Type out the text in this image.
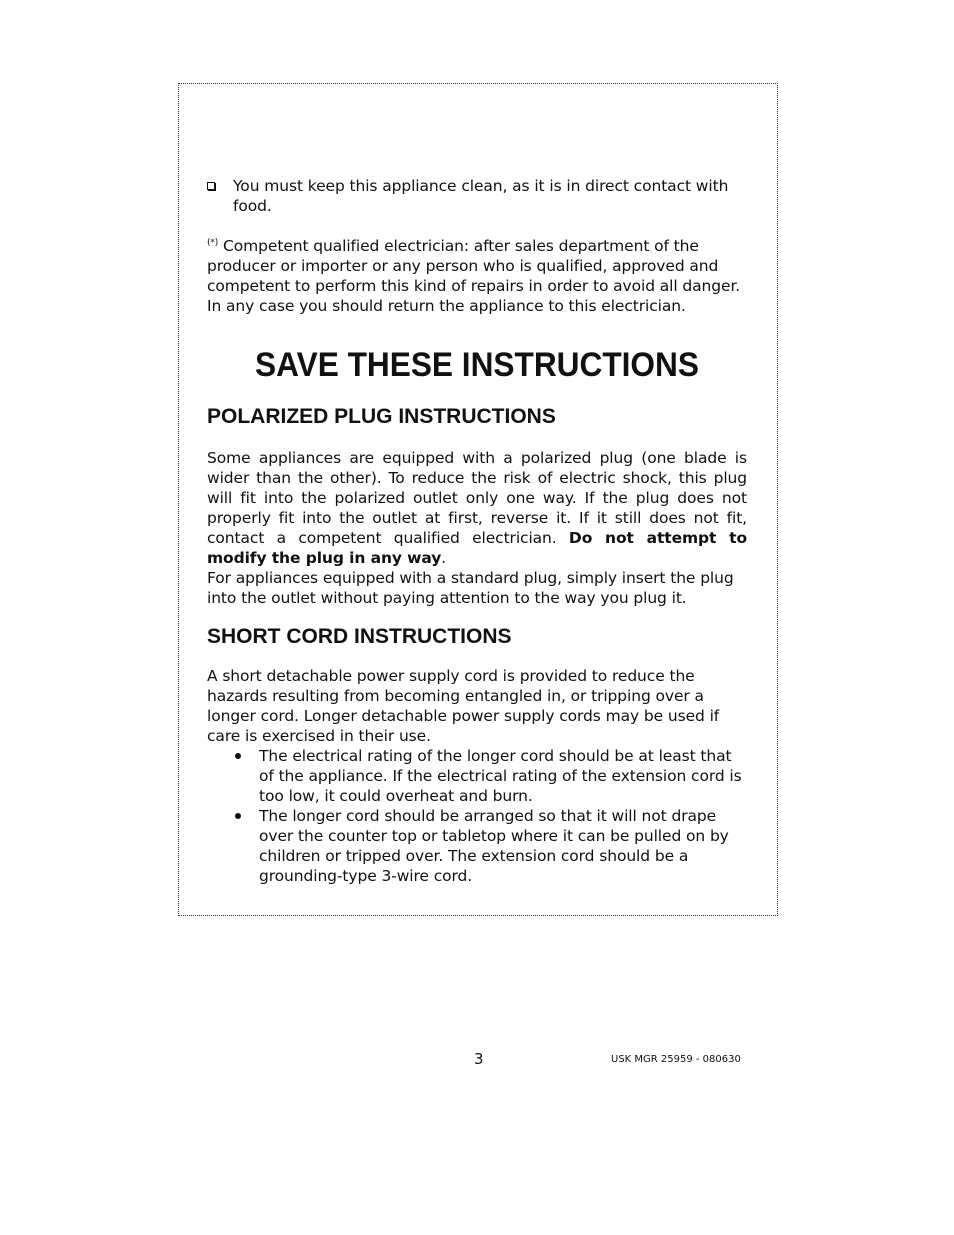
You must keep this appliance clean, as it is in direct contact with food.
(*) Competent qualified electrician: after sales department of the producer or importer or any person who is qualified, approved and competent to perform this kind of repairs in order to avoid all danger. In any case you should return the appliance to this electrician.
SAVE THESE INSTRUCTIONS
POLARIZED PLUG INSTRUCTIONS
Some appliances are equipped with a polarized plug (one blade is wider than the other). To reduce the risk of electric shock, this plug will fit into the polarized outlet only one way. If the plug does not properly fit into the outlet at first, reverse it. If it still does not fit, contact a competent qualified electrician. Do not attempt to modify the plug in any way.
For appliances equipped with a standard plug, simply insert the plug into the outlet without paying attention to the way you plug it.
SHORT CORD INSTRUCTIONS
A short detachable power supply cord is provided to reduce the hazards resulting from becoming entangled in, or tripping over a longer cord. Longer detachable power supply cords may be used if care is exercised in their use.
The electrical rating of the longer cord should be at least that of the appliance. If the electrical rating of the extension cord is too low, it could overheat and burn.
The longer cord should be arranged so that it will not drape over the counter top or tabletop where it can be pulled on by children or tripped over. The extension cord should be a grounding-type 3-wire cord.
3	USK MGR 25959 - 080630
